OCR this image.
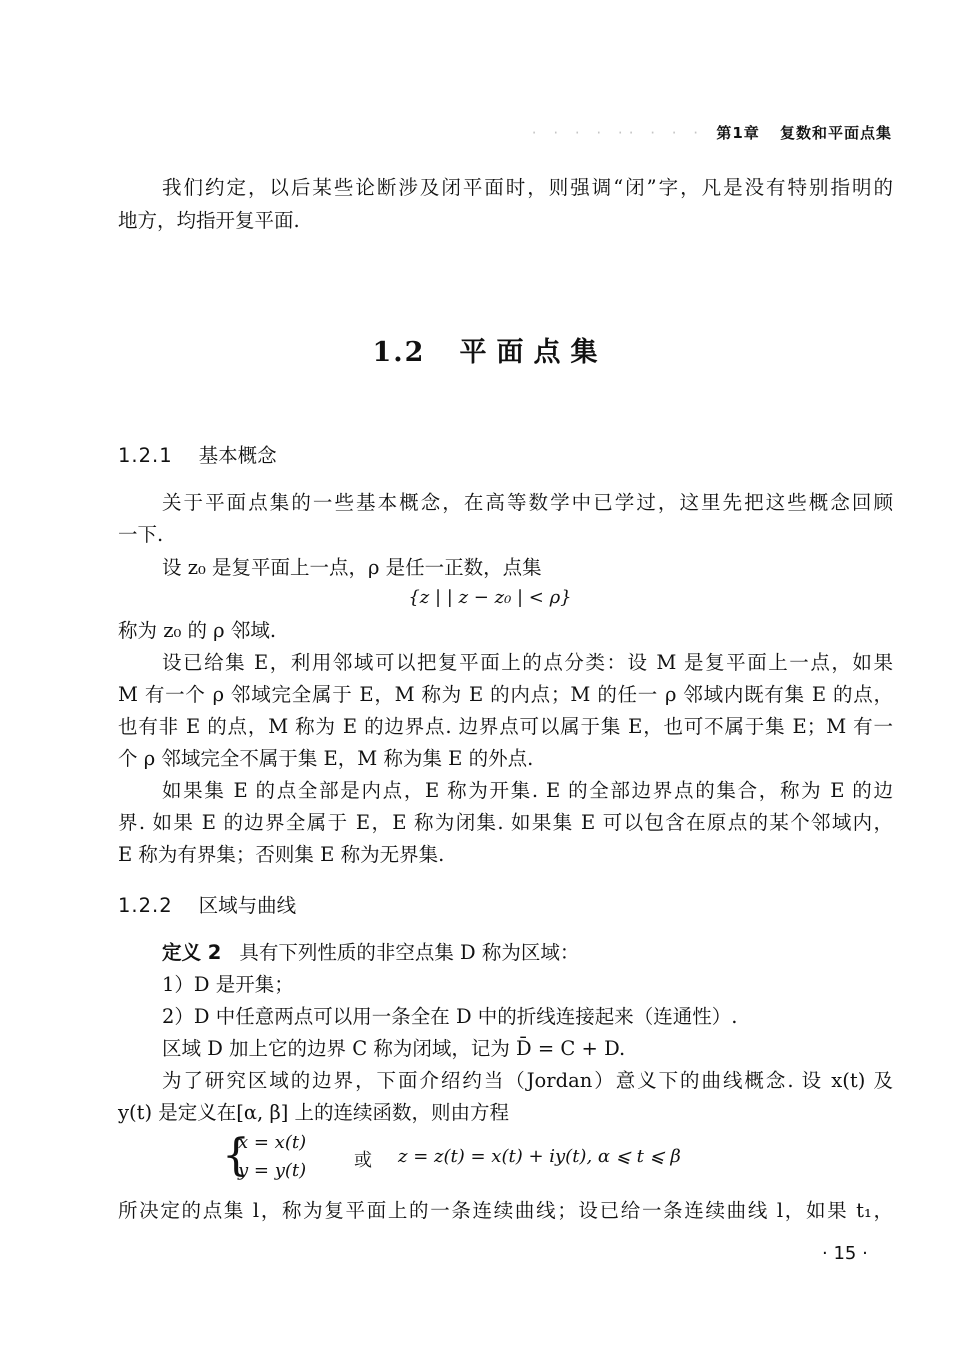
· · · · ·· · · · 第1章 复数和平面点集
我们约定，以后某些论断涉及闭平面时，则强调“闭”字，凡是没有特别指明的
地方，均指开复平面.
1.2 平面点集
1.2.1 基本概念
关于平面点集的一些基本概念，在高等数学中已学过，这里先把这些概念回顾
一下.
设 z₀ 是复平面上一点，ρ 是任一正数，点集
{z | | z − z₀ | < ρ}
称为 z₀ 的 ρ 邻域.
设已给集 E，利用邻域可以把复平面上的点分类：设 M 是复平面上一点，如果
M 有一个 ρ 邻域完全属于 E，M 称为 E 的内点；M 的任一 ρ 邻域内既有集 E 的点，
也有非 E 的点，M 称为 E 的边界点. 边界点可以属于集 E，也可不属于集 E；M 有一
个 ρ 邻域完全不属于集 E，M 称为集 E 的外点.
如果集 E 的点全部是内点，E 称为开集. E 的全部边界点的集合，称为 E 的边
界. 如果 E 的边界全属于 E，E 称为闭集. 如果集 E 可以包含在原点的某个邻域内，
E 称为有界集；否则集 E 称为无界集.
1.2.2 区域与曲线
定义 2 具有下列性质的非空点集 D 称为区域：
1）D 是开集；
2）D 中任意两点可以用一条全在 D 中的折线连接起来（连通性）.
区域 D 加上它的边界 C 称为闭域，记为 D̄ = C + D.
为了研究区域的边界，下面介绍约当（Jordan）意义下的曲线概念. 设 x(t) 及
y(t) 是定义在[α, β] 上的连续函数，则由方程
{
x = x(t)
y = y(t)	或 z = z(t) = x(t) + iy(t), α ⩽ t ⩽ β
所决定的点集 l，称为复平面上的一条连续曲线；设已给一条连续曲线 l，如果 t₁，
· 15 ·
